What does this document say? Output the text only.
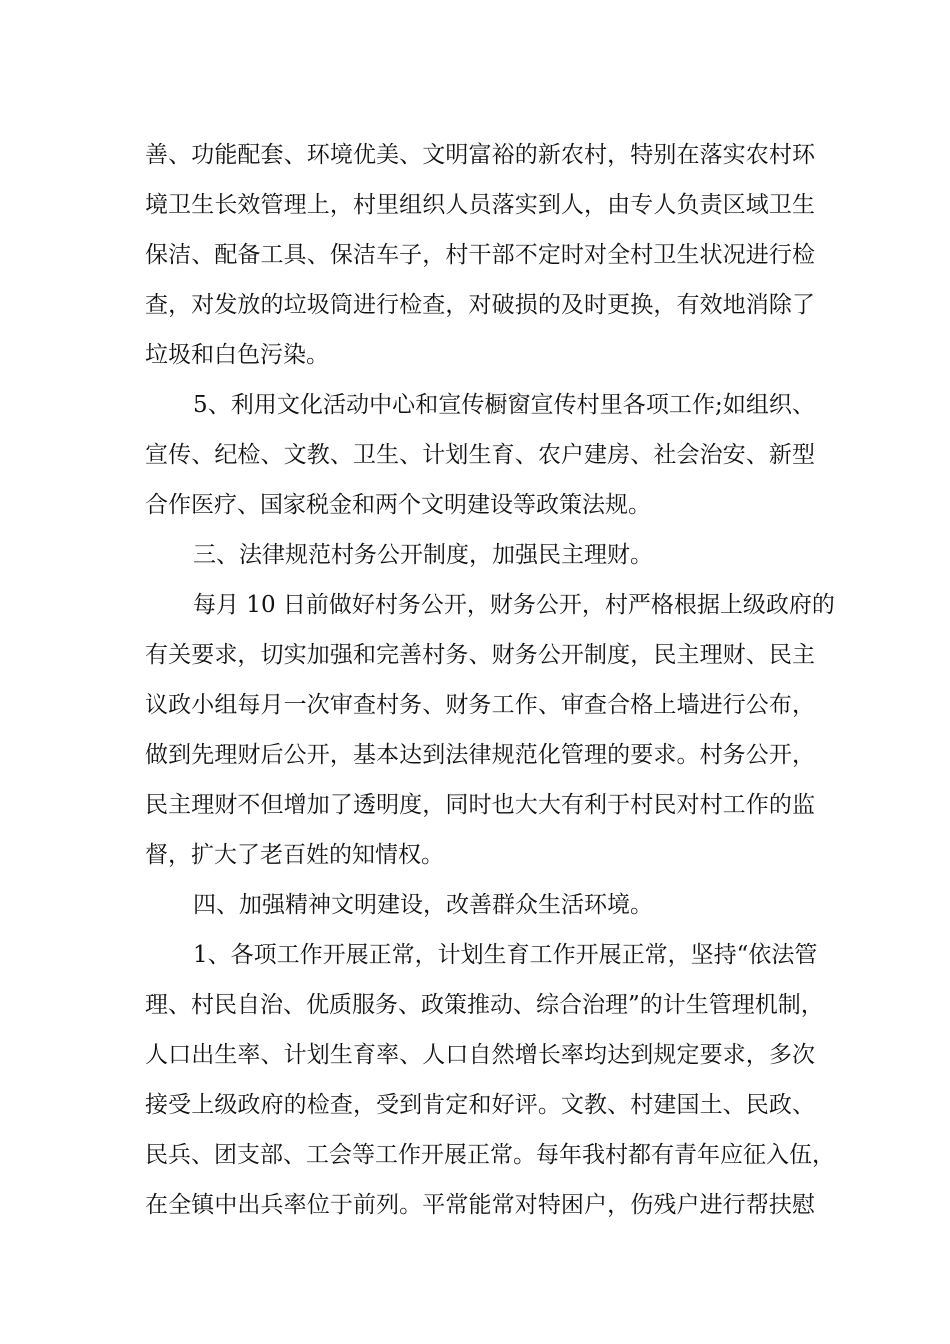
善、功能配套、环境优美、文明富裕的新农村，特别在落实农村环
境卫生长效管理上，村里组织人员落实到人，由专人负责区域卫生
保洁、配备工具、保洁车子，村干部不定时对全村卫生状况进行检
查，对发放的垃圾筒进行检查，对破损的及时更换，有效地消除了
垃圾和白色污染。
5、利用文化活动中心和宣传橱窗宣传村里各项工作;如组织、
宣传、纪检、文教、卫生、计划生育、农户建房、社会治安、新型
合作医疗、国家税金和两个文明建设等政策法规。
三、法律规范村务公开制度，加强民主理财。
每月 10 日前做好村务公开，财务公开，村严格根据上级政府的
有关要求，切实加强和完善村务、财务公开制度，民主理财、民主
议政小组每月一次审查村务、财务工作、审查合格上墙进行公布，
做到先理财后公开，基本达到法律规范化管理的要求。村务公开，
民主理财不但增加了透明度，同时也大大有利于村民对村工作的监
督，扩大了老百姓的知情权。
四、加强精神文明建设，改善群众生活环境。
1、各项工作开展正常，计划生育工作开展正常，坚持“依法管
理、村民自治、优质服务、政策推动、综合治理”的计生管理机制，
人口出生率、计划生育率、人口自然增长率均达到规定要求，多次
接受上级政府的检查，受到肯定和好评。文教、村建国土、民政、
民兵、团支部、工会等工作开展正常。每年我村都有青年应征入伍，
在全镇中出兵率位于前列。平常能常对特困户，伤残户进行帮扶慰
